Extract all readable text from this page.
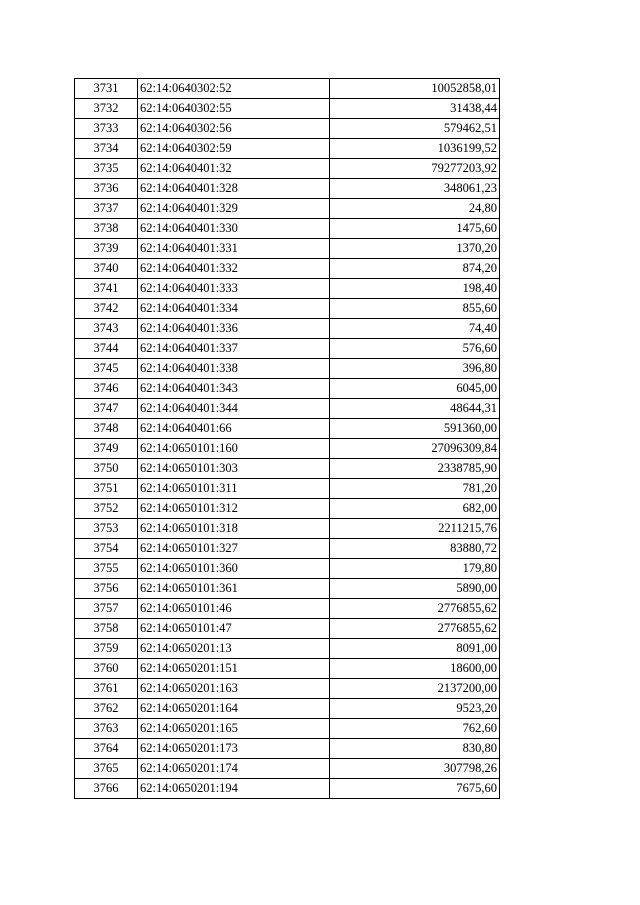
3731	62:14:0640302:52	10052858,01
3732	62:14:0640302:55	31438,44
3733	62:14:0640302:56	579462,51
3734	62:14:0640302:59	1036199,52
3735	62:14:0640401:32	79277203,92
3736	62:14:0640401:328	348061,23
3737	62:14:0640401:329	24,80
3738	62:14:0640401:330	1475,60
3739	62:14:0640401:331	1370,20
3740	62:14:0640401:332	874,20
3741	62:14:0640401:333	198,40
3742	62:14:0640401:334	855,60
3743	62:14:0640401:336	74,40
3744	62:14:0640401:337	576,60
3745	62:14:0640401:338	396,80
3746	62:14:0640401:343	6045,00
3747	62:14:0640401:344	48644,31
3748	62:14:0640401:66	591360,00
3749	62:14:0650101:160	27096309,84
3750	62:14:0650101:303	2338785,90
3751	62:14:0650101:311	781,20
3752	62:14:0650101:312	682,00
3753	62:14:0650101:318	2211215,76
3754	62:14:0650101:327	83880,72
3755	62:14:0650101:360	179,80
3756	62:14:0650101:361	5890,00
3757	62:14:0650101:46	2776855,62
3758	62:14:0650101:47	2776855,62
3759	62:14:0650201:13	8091,00
3760	62:14:0650201:151	18600,00
3761	62:14:0650201:163	2137200,00
3762	62:14:0650201:164	9523,20
3763	62:14:0650201:165	762,60
3764	62:14:0650201:173	830,80
3765	62:14:0650201:174	307798,26
3766	62:14:0650201:194	7675,60
